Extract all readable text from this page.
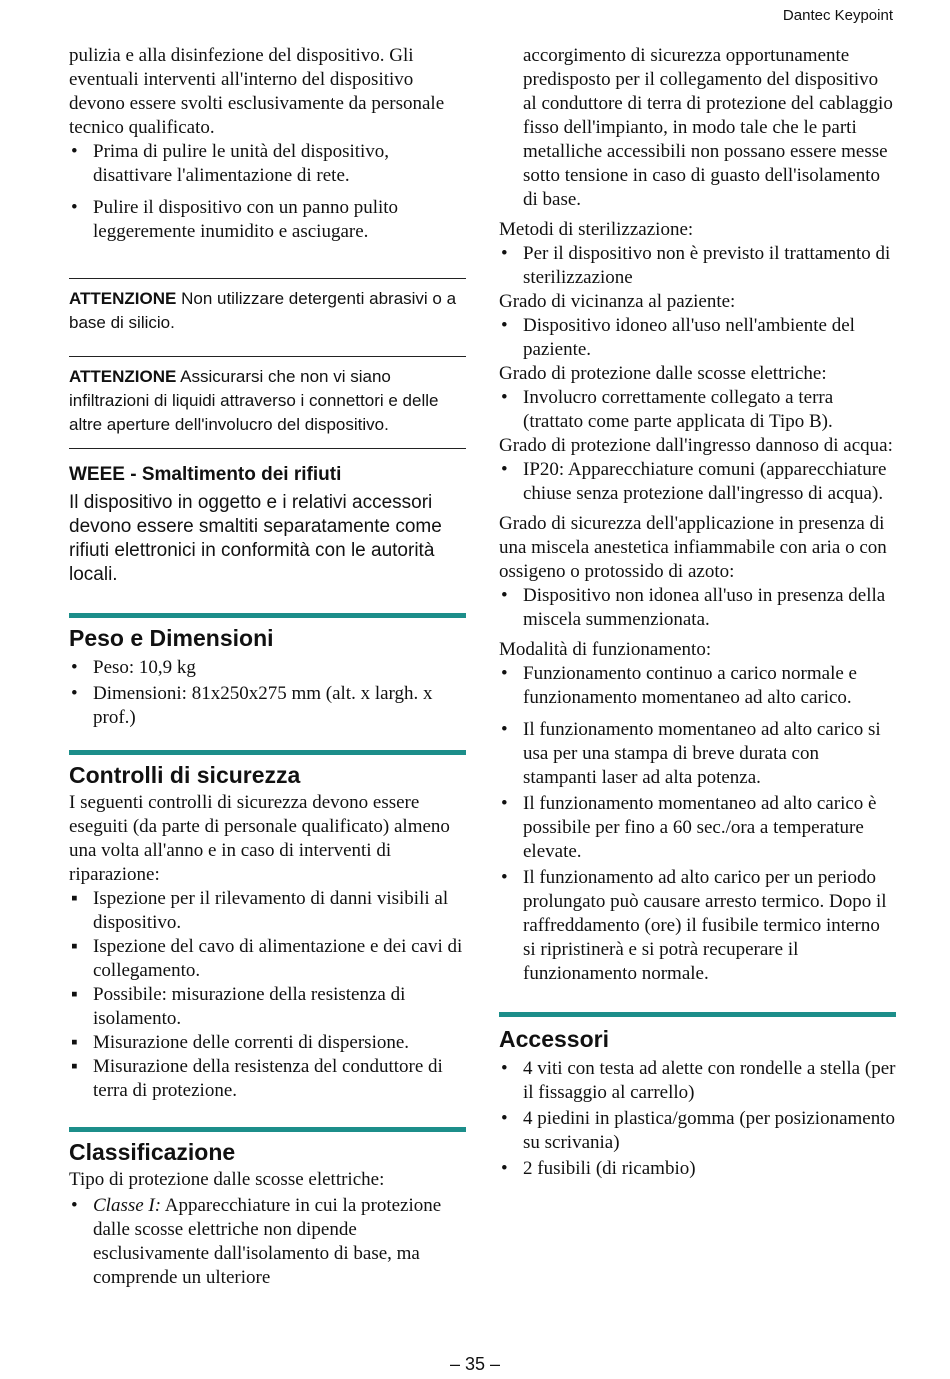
Dantec Keypoint

pulizia e alla disinfezione del dispositivo. Gli eventuali interventi all'interno del dispositivo devono essere svolti esclusivamente da personale tecnico qualificato.

• Prima di pulire le unità del dispositivo, disattivare l'alimentazione di rete.
• Pulire il dispositivo con un panno pulito leggeremente inumidito e asciugare.
ATTENZIONE Non utilizzare detergenti abrasivi o a base di silicio.
ATTENZIONE Assicurarsi che non vi siano infiltrazioni di liquidi attraverso i connettori e delle altre aperture dell'involucro del dispositivo.
WEEE - Smaltimento dei rifiuti

Il dispositivo in oggetto e i relativi accessori devono essere smaltiti separatamente come rifiuti elettronici in conformità con le autorità locali.

Peso e Dimensioni
• Peso: 10,9 kg
• Dimensioni: 81x250x275 mm (alt. x largh. x prof.)
Controlli di sicurezza

I seguenti controlli di sicurezza devono essere eseguiti (da parte di personale qualificato) almeno una volta all'anno e in caso di interventi di riparazione:

▪ Ispezione per il rilevamento di danni visibili al dispositivo.
▪ Ispezione del cavo di alimentazione e dei cavi di collegamento.
▪ Possibile: misurazione della resistenza di isolamento.
▪ Misurazione delle correnti di dispersione.
▪ Misurazione della resistenza del conduttore di terra di protezione.
Classificazione

Tipo di protezione dalle scosse elettriche:

• Classe I: Apparecchiature in cui la protezione dalle scosse elettriche non dipende esclusivamente dall'isolamento di base, ma comprende un ulteriore

accorgimento di sicurezza opportunamente predisposto per il collegamento del dispositivo al conduttore di terra di protezione del cablaggio fisso dell'impianto, in modo tale che le parti metalliche accessibili non possano essere messe sotto tensione in caso di guasto dell'isolamento di base.

Metodi di sterilizzazione:

• Per il dispositivo non è previsto il trattamento di sterilizzazione

Grado di vicinanza al paziente:

• Dispositivo idoneo all'uso nell'ambiente del paziente.

Grado di protezione dalle scosse elettriche:

• Involucro correttamente collegato a terra (trattato come parte applicata di Tipo B).

Grado di protezione dall'ingresso dannoso di acqua:

• IP20: Apparecchiature comuni (apparecchiature chiuse senza protezione dall'ingresso di acqua).

Grado di sicurezza dell'applicazione in presenza di una miscela anestetica infiammabile con aria o con ossigeno o protossido di azoto:

• Dispositivo non idonea all'uso in presenza della miscela summenzionata.

Modalità di funzionamento:

• Funzionamento continuo a carico normale e funzionamento momentaneo ad alto carico.
• Il funzionamento momentaneo ad alto carico si usa per una stampa di breve durata con stampanti laser ad alta potenza.
• Il funzionamento momentaneo ad alto carico è possibile per fino a 60 sec./ora a temperature elevate.
• Il funzionamento ad alto carico per un periodo prolungato può causare arresto termico. Dopo il raffreddamento (ore) il fusibile termico interno si ripristinerà e si potrà recuperare il funzionamento normale.
Accessori
• 4 viti con testa ad alette con rondelle a stella (per il fissaggio al carrello)
• 4 piedini in plastica/gomma (per posizionamento su scrivania)
• 2 fusibili (di ricambio)
– 35 –
